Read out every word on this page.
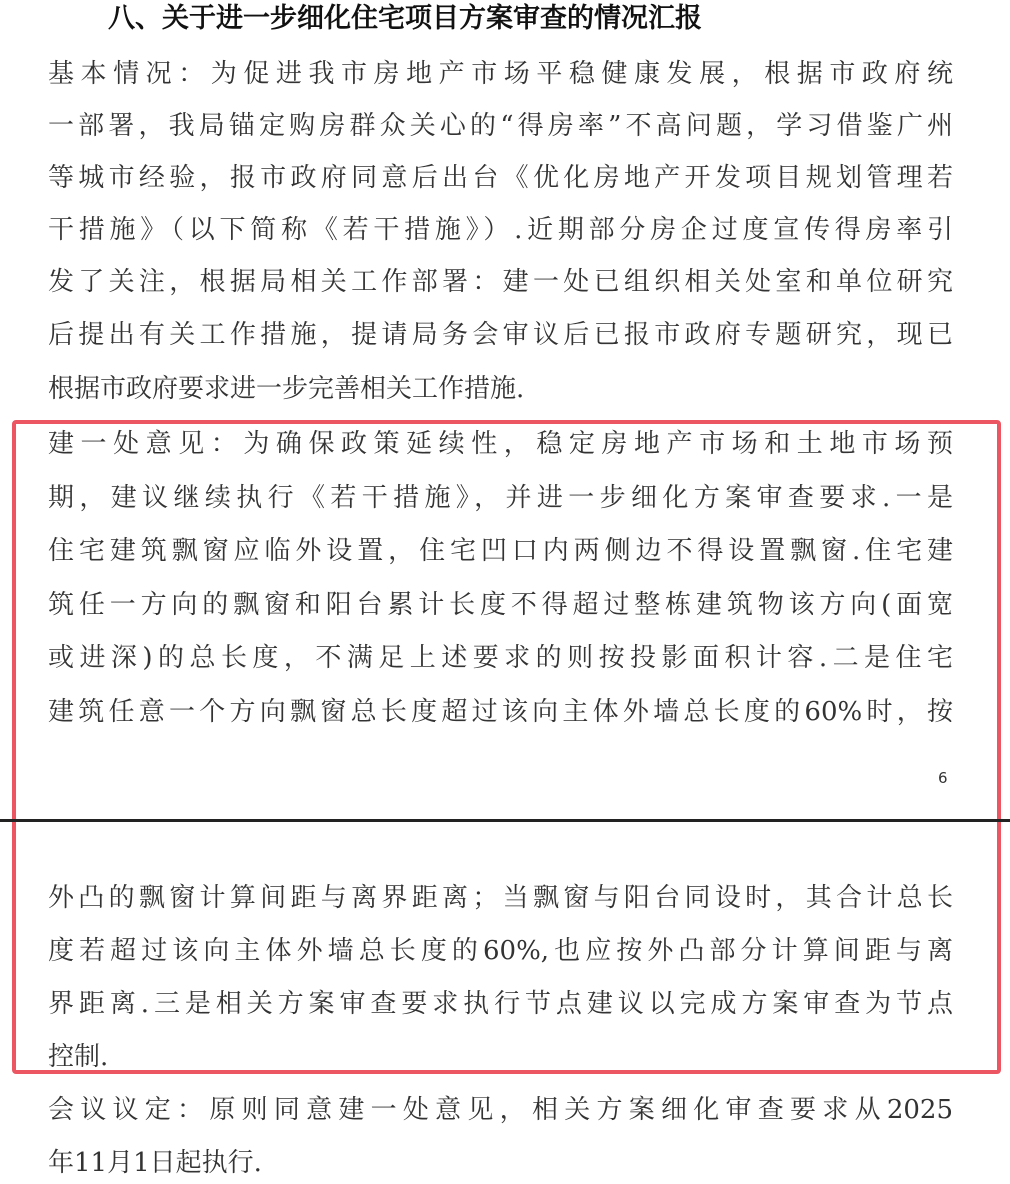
八、关于进一步细化住宅项目方案审查的情况汇报
基本情况：为促进我市房地产市场平稳健康发展，根据市政府统
一部署，我局锚定购房群众关心的“得房率”不高问题，学习借鉴广州
等城市经验，报市政府同意后出台《优化房地产开发项目规划管理若
干措施》（以下简称《若干措施》）.近期部分房企过度宣传得房率引
发了关注，根据局相关工作部署：建一处已组织相关处室和单位研究
后提出有关工作措施，提请局务会审议后已报市政府专题研究，现已
根据市政府要求进一步完善相关工作措施.
建一处意见：为确保政策延续性，稳定房地产市场和土地市场预
期，建议继续执行《若干措施》，并进一步细化方案审查要求.一是
住宅建筑飘窗应临外设置，住宅凹口内两侧边不得设置飘窗.住宅建
筑任一方向的飘窗和阳台累计长度不得超过整栋建筑物该方向(面宽
或进深)的总长度，不满足上述要求的则按投影面积计容.二是住宅
建筑任意一个方向飘窗总长度超过该向主体外墙总长度的60%时，按
6
外凸的飘窗计算间距与离界距离；当飘窗与阳台同设时，其合计总长
度若超过该向主体外墙总长度的60%,也应按外凸部分计算间距与离
界距离.三是相关方案审查要求执行节点建议以完成方案审查为节点
控制.
会议议定：原则同意建一处意见，相关方案细化审查要求从2025
年11月1日起执行.
